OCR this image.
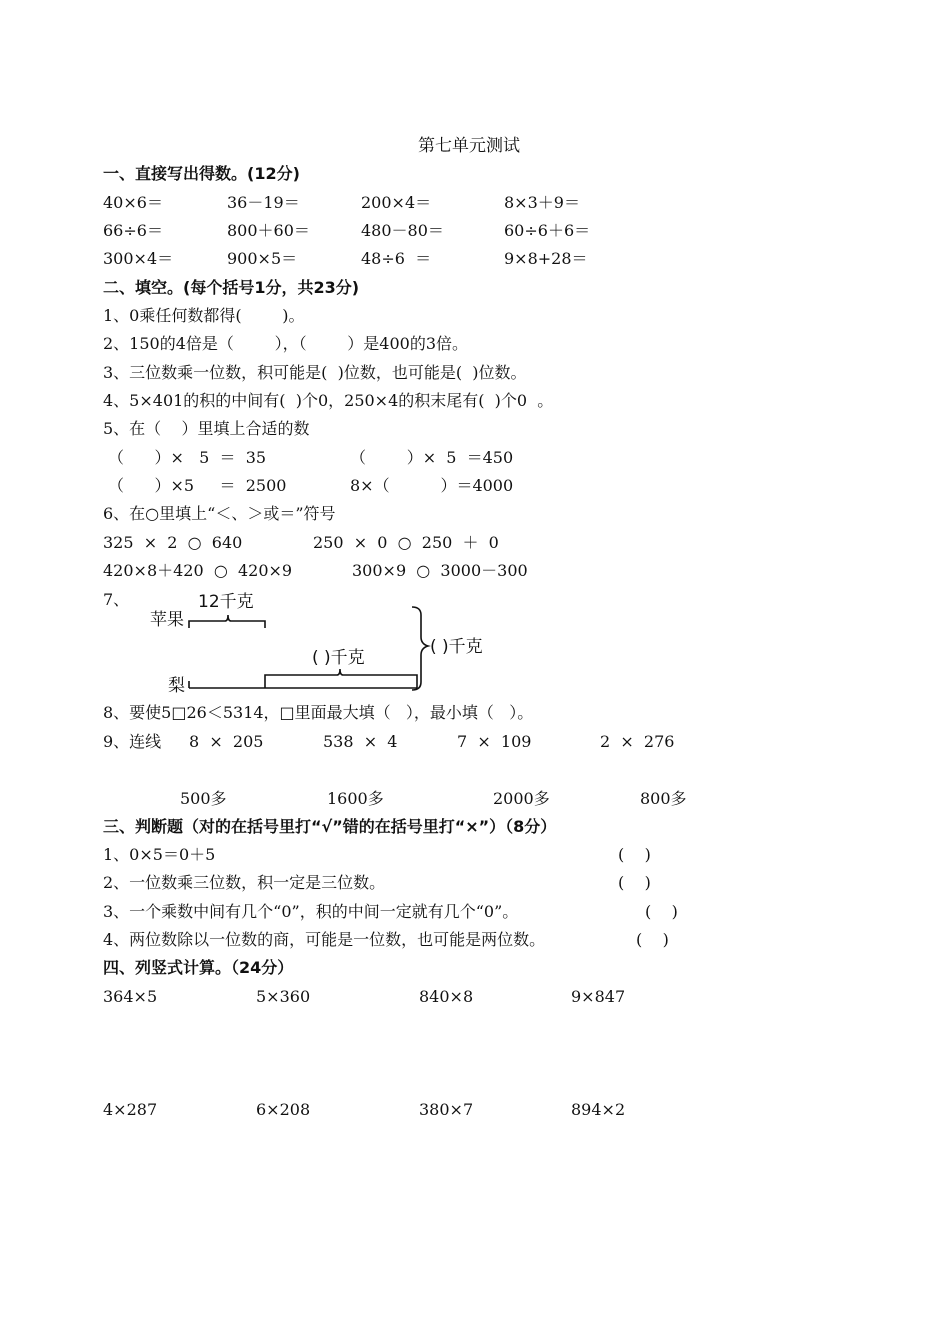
第七单元测试
一、直接写出得数。(12分)
40×6＝	36－19＝	200×4＝	8×3＋9＝
66÷6＝	800＋60＝	480－80＝	60÷6＋6＝
300×4＝	900×5＝	48÷6  ＝	9×8+28＝
二、填空。(每个括号1分，共23分)
1、0乘任何数都得(        )。
2、150的4倍是（        ），（        ）是400的3倍。
3、三位数乘一位数，积可能是(  )位数，也可能是(  )位数。
4、5×401的积的中间有(  )个0，250×4的积末尾有(  )个0  。
5、在（    ）里填上合适的数
（      ）×   5  ＝  35	（        ）×  5  ＝450
（      ）×5     ＝  2500	8×（          ）＝4000
6、在○里填上“＜、＞或＝”符号
325  ×  2  ○  640	250  ×  0  ○  250  ＋  0
420×8＋420  ○  420×9	300×9  ○  3000－300
7、
苹果
12千克
( )千克
( )千克
梨
8、要使5□26＜5314，□里面最大填（   ），最小填（   ）。
9、连线 8  ×  205	538  ×  4	7  ×  109	2  ×  276
500多	1600多	2000多	800多
三、判断题（对的在括号里打“√”错的在括号里打“×”）（8分）
1、0×5＝0＋5	(    )
2、一位数乘三位数，积一定是三位数。	(    )
3、一个乘数中间有几个“0”，积的中间一定就有几个“0”。	(    )
4、两位数除以一位数的商，可能是一位数，也可能是两位数。	(    )
四、列竖式计算。（24分）
364×5	5×360	840×8	9×847
4×287	6×208	380×7	894×2
